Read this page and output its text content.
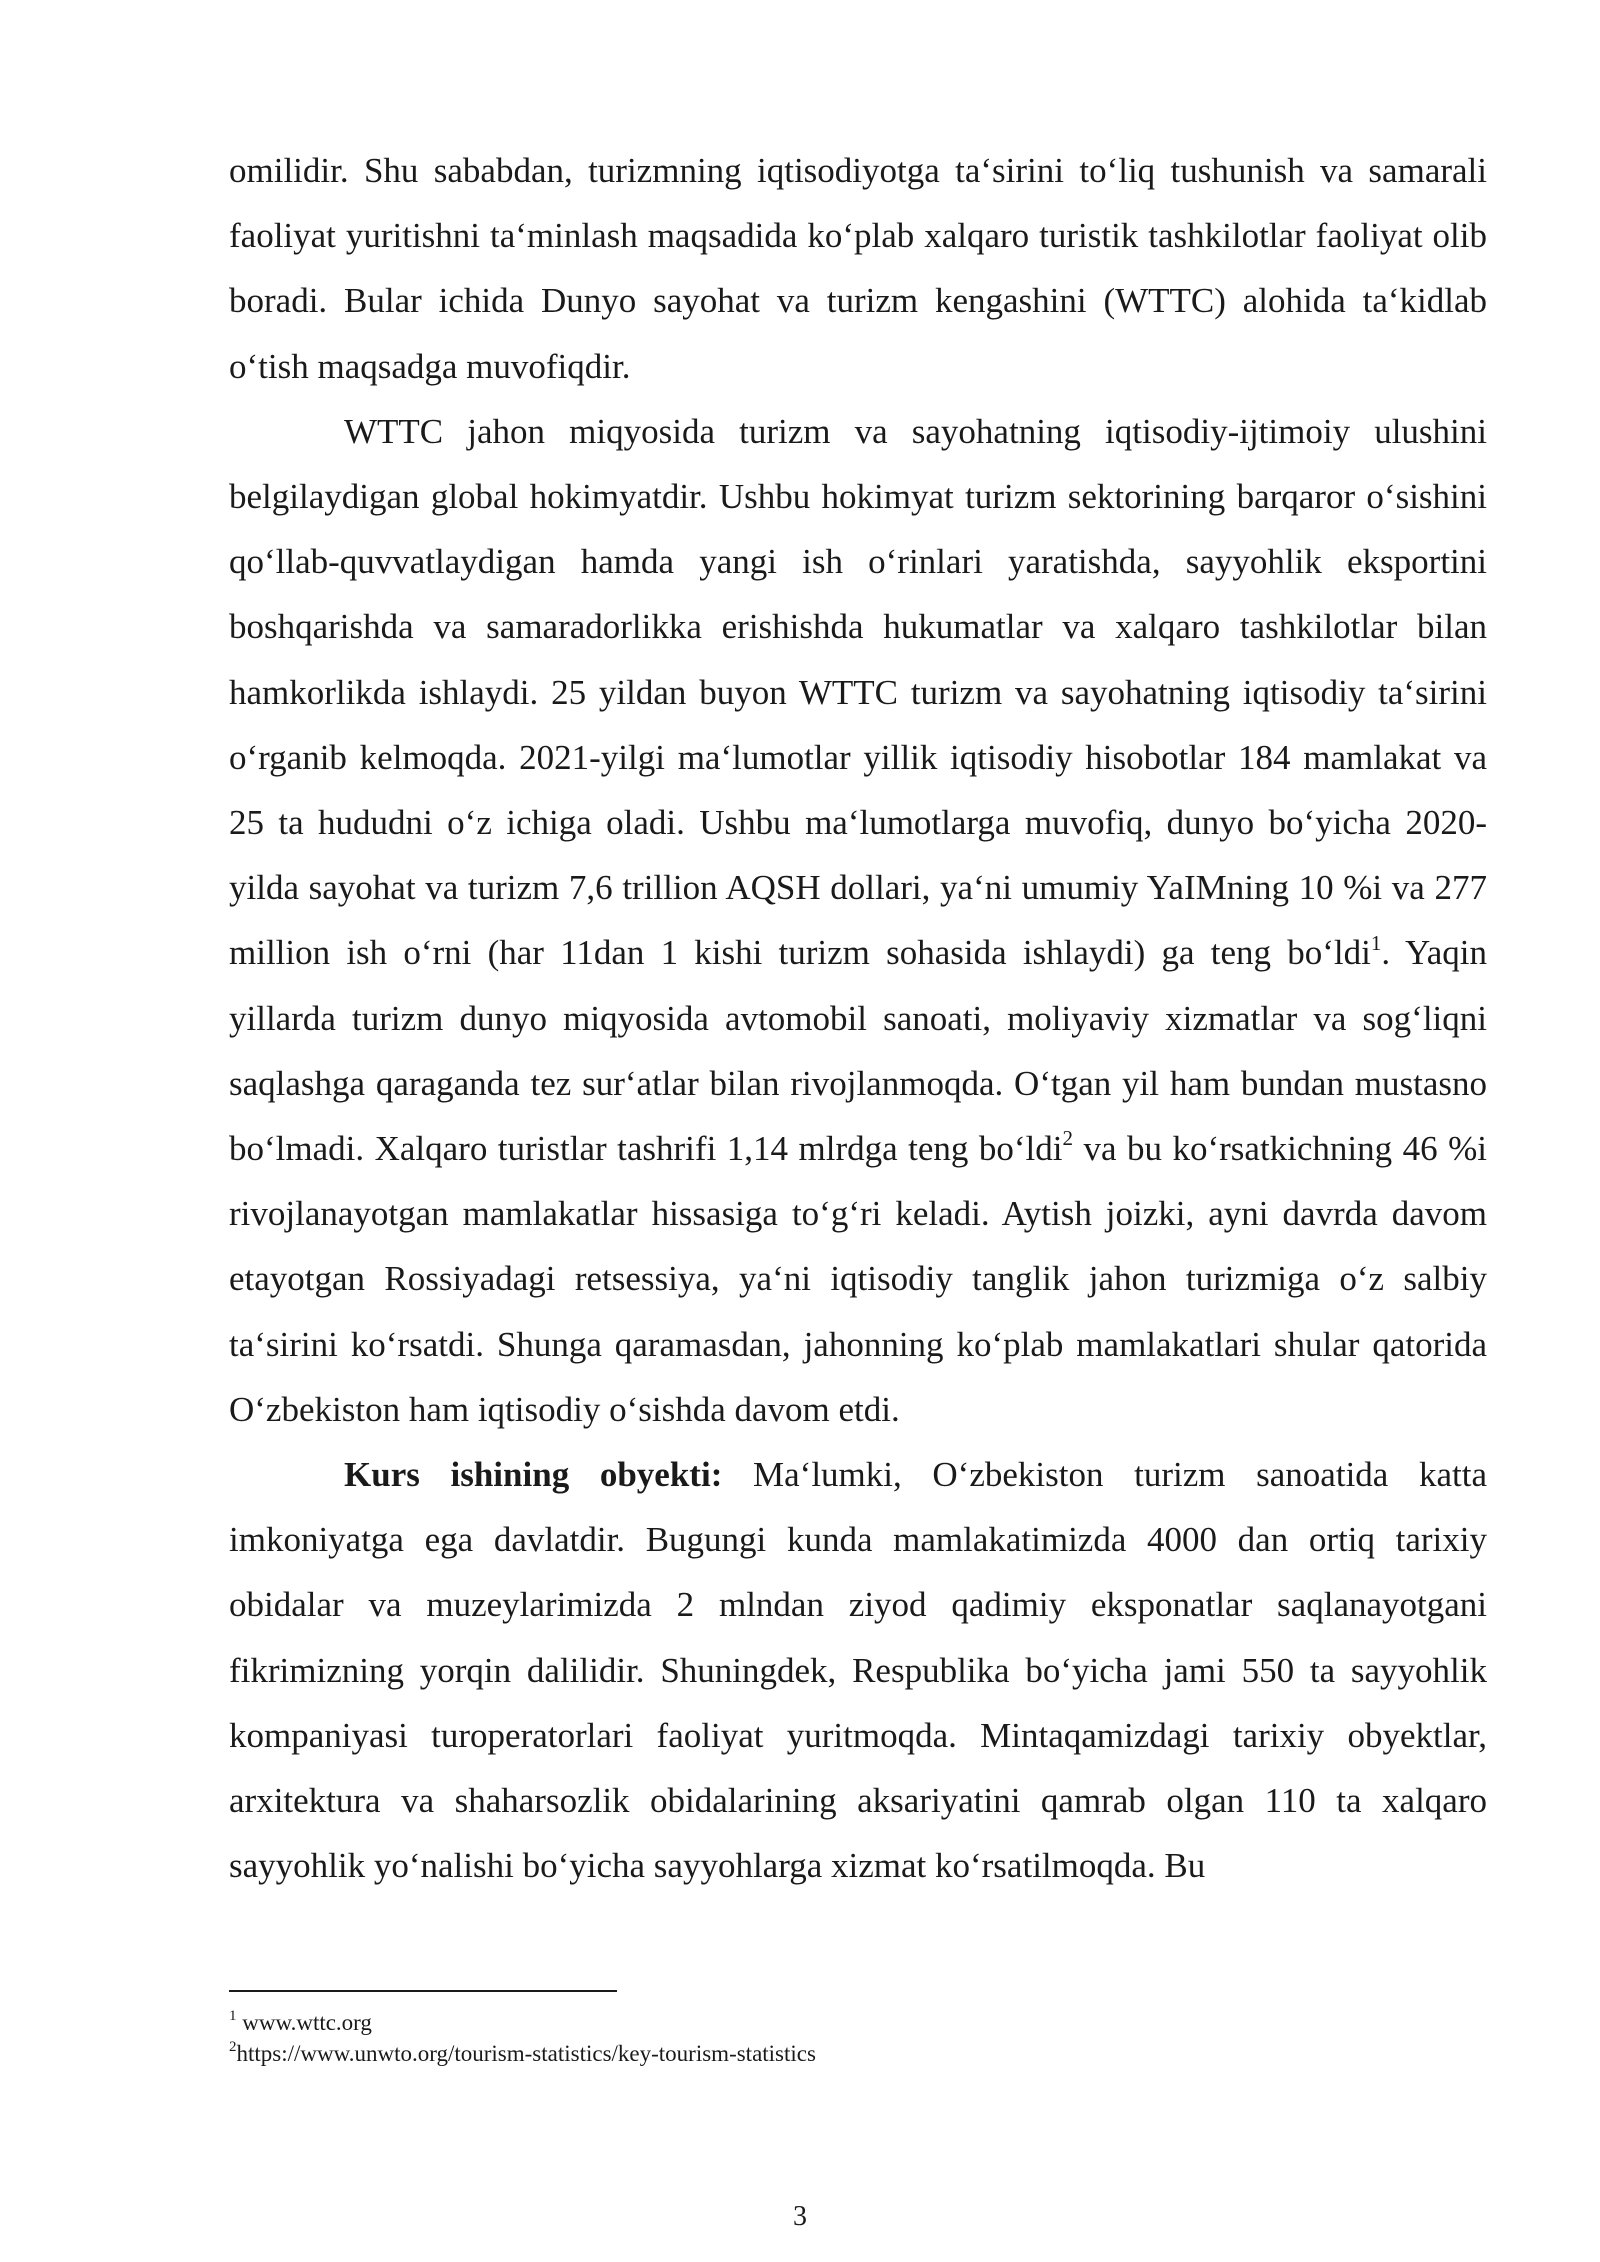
omilidir. Shu sababdan, turizmning iqtisodiyotga taʻsirini toʻliq tushunish va samarali faoliyat yuritishni taʻminlash maqsadida koʻplab xalqaro turistik tashkilotlar faoliyat olib boradi. Bular ichida Dunyo sayohat va turizm kengashini (WTTC) alohida taʻkidlab oʻtish maqsadga muvofiqdir.

WTTC jahon miqyosida turizm va sayohatning iqtisodiy-ijtimoiy ulushini belgilaydigan global hokimyatdir. Ushbu hokimyat turizm sektorining barqaror oʻsishini qoʻllab-quvvatlaydigan hamda yangi ish oʻrinlari yaratishda, sayyohlik eksportini boshqarishda va samaradorlikka erishishda hukumatlar va xalqaro tashkilotlar bilan hamkorlikda ishlaydi. 25 yildan buyon WTTC turizm va sayohatning iqtisodiy taʻsirini oʻrganib kelmoqda. 2021-yilgi maʻlumotlar yillik iqtisodiy hisobotlar 184 mamlakat va 25 ta hududni oʻz ichiga oladi. Ushbu maʻlumotlarga muvofiq, dunyo boʻyicha 2020-yilda sayohat va turizm 7,6 trillion AQSH dollari, yaʻni umumiy YaIMning 10 %i va 277 million ish oʻrni (har 11dan 1 kishi turizm sohasida ishlaydi) ga teng boʻldi$^1$. Yaqin yillarda turizm dunyo miqyosida avtomobil sanoati, moliyaviy xizmatlar va sogʻliqni saqlashga qaraganda tez surʻatlar bilan rivojlanmoqda. Oʻtgan yil ham bundan mustasno boʻlmadi. Xalqaro turistlar tashrifi 1,14 mlrdga teng boʻldi$^2$ va bu koʻrsatkichning 46 %i rivojlanayotgan mamlakatlar hissasiga toʻgʻri keladi. Aytish joizki, ayni davrda davom etayotgan Rossiyadagi retsessiya, yaʻni iqtisodiy tanglik jahon turizmiga oʻz salbiy taʻsirini koʻrsatdi. Shunga qaramasdan, jahonning koʻplab mamlakatlari shular qatorida Oʻzbekiston ham iqtisodiy oʻsishda davom etdi.

Kurs ishining obyekti: Maʻlumki, Oʻzbekiston turizm sanoatida katta imkoniyatga ega davlatdir. Bugungi kunda mamlakatimizda 4000 dan ortiq tarixiy obidalar va muzeylarimizda 2 mlndan ziyod qadimiy eksponatlar saqlanayotgani fikrimizning yorqin dalilidir. Shuningdek, Respublika boʻyicha jami 550 ta sayyohlik kompaniyasi turoperatorlari faoliyat yuritmoqda. Mintaqamizdagi tarixiy obyektlar, arxitektura va shaharsozlik obidalarining aksariyatini qamrab olgan 110 ta xalqaro sayyohlik yoʻnalishi boʻyicha sayyohlarga xizmat koʻrsatilmoqda. Bu

$^1$ www.wttc.org

$^2$https://www.unwto.org/tourism-statistics/key-tourism-statistics

3
